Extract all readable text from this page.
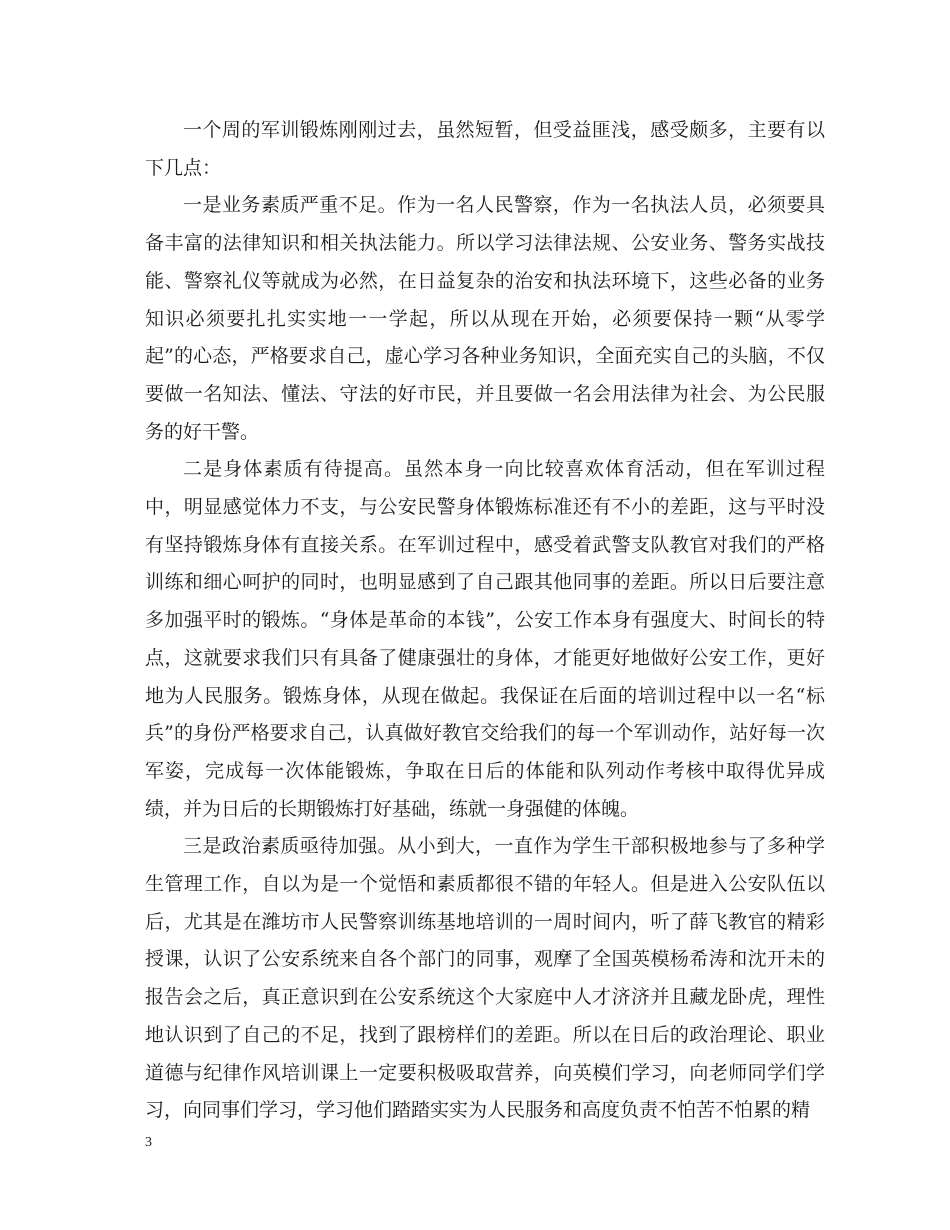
一个周的军训锻炼刚刚过去，虽然短暂，但受益匪浅，感受颇多，主要有以下几点：

一是业务素质严重不足。作为一名人民警察，作为一名执法人员，必须要具备丰富的法律知识和相关执法能力。所以学习法律法规、公安业务、警务实战技能、警察礼仪等就成为必然，在日益复杂的治安和执法环境下，这些必备的业务知识必须要扎扎实实地一一学起，所以从现在开始，必须要保持一颗“从零学起”的心态，严格要求自己，虚心学习各种业务知识，全面充实自己的头脑，不仅要做一名知法、懂法、守法的好市民，并且要做一名会用法律为社会、为公民服务的好干警。

二是身体素质有待提高。虽然本身一向比较喜欢体育活动，但在军训过程中，明显感觉体力不支，与公安民警身体锻炼标准还有不小的差距，这与平时没有坚持锻炼身体有直接关系。在军训过程中，感受着武警支队教官对我们的严格训练和细心呵护的同时，也明显感到了自己跟其他同事的差距。所以日后要注意多加强平时的锻炼。“身体是革命的本钱”，公安工作本身有强度大、时间长的特点，这就要求我们只有具备了健康强壮的身体，才能更好地做好公安工作，更好地为人民服务。锻炼身体，从现在做起。我保证在后面的培训过程中以一名“标兵”的身份严格要求自己，认真做好教官交给我们的每一个军训动作，站好每一次军姿，完成每一次体能锻炼，争取在日后的体能和队列动作考核中取得优异成绩，并为日后的长期锻炼打好基础，练就一身强健的体魄。

三是政治素质亟待加强。从小到大，一直作为学生干部积极地参与了多种学生管理工作，自以为是一个觉悟和素质都很不错的年轻人。但是进入公安队伍以后，尤其是在潍坊市人民警察训练基地培训的一周时间内，听了薛飞教官的精彩授课，认识了公安系统来自各个部门的同事，观摩了全国英模杨希涛和沈开未的报告会之后，真正意识到在公安系统这个大家庭中人才济济并且藏龙卧虎，理性地认识到了自己的不足，找到了跟榜样们的差距。所以在日后的政治理论、职业道德与纪律作风培训课上一定要积极吸取营养，向英模们学习，向老师同学们学习，向同事们学习，学习他们踏踏实实为人民服务和高度负责不怕苦不怕累的精

3
